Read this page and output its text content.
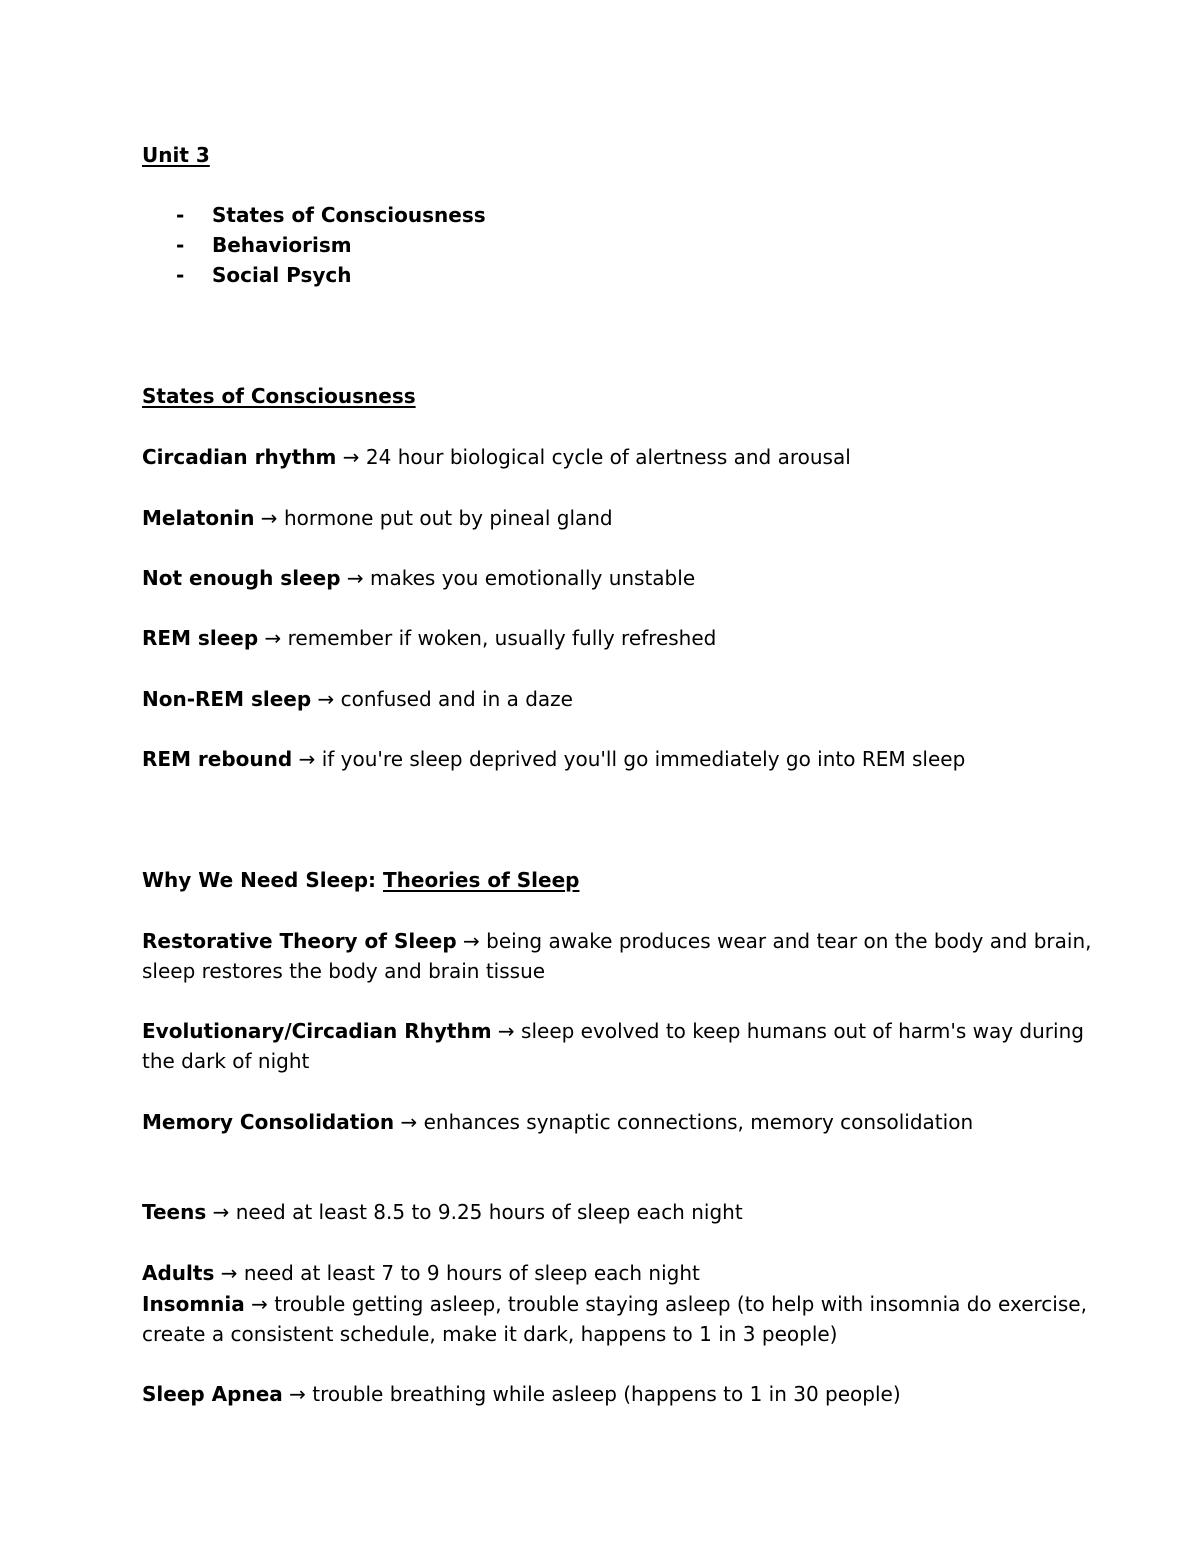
Unit 3
- States of Consciousness
- Behaviorism
- Social Psych
States of Consciousness
Circadian rhythm → 24 hour biological cycle of alertness and arousal
Melatonin → hormone put out by pineal gland
Not enough sleep → makes you emotionally unstable
REM sleep → remember if woken, usually fully refreshed
Non-REM sleep → confused and in a daze
REM rebound → if you're sleep deprived you'll go immediately go into REM sleep
Why We Need Sleep: Theories of Sleep
Restorative Theory of Sleep → being awake produces wear and tear on the body and brain, sleep restores the body and brain tissue
Evolutionary/Circadian Rhythm → sleep evolved to keep humans out of harm's way during the dark of night
Memory Consolidation → enhances synaptic connections, memory consolidation
Teens → need at least 8.5 to 9.25 hours of sleep each night
Adults → need at least 7 to 9 hours of sleep each night
Insomnia → trouble getting asleep, trouble staying asleep (to help with insomnia do exercise, create a consistent schedule, make it dark, happens to 1 in 3 people)
Sleep Apnea → trouble breathing while asleep (happens to 1 in 30 people)
